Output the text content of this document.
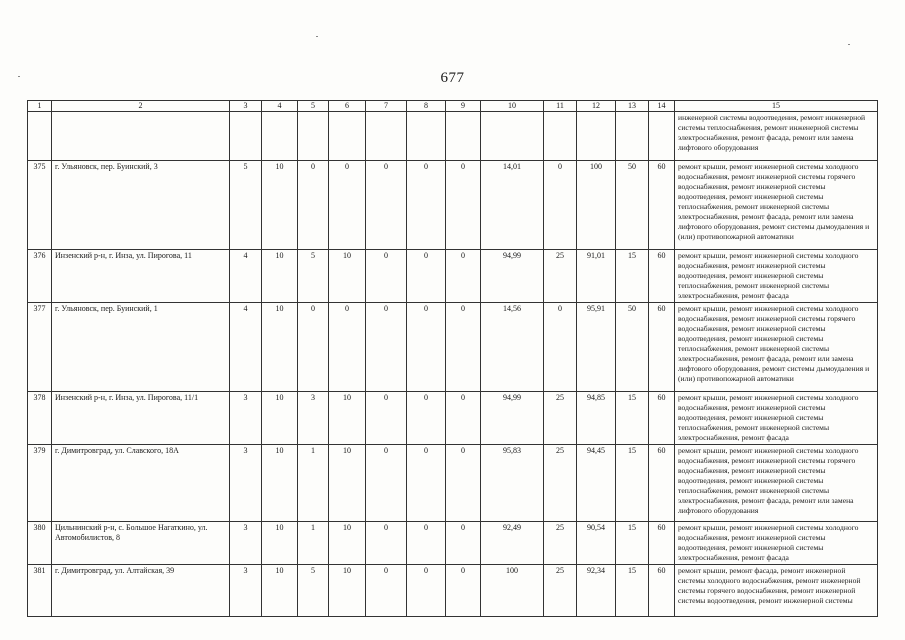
677
1	2	3	4	5	6	7	8	9	10	11	12	13	14	15
														инженерной системы водоотведения, ремонт инженерной системы теплоснабжения, ремонт инженерной системы электроснабжения, ремонт фасада, ремонт или замена лифтового оборудования
375	г. Ульяновск, пер. Буинский, 3	5	10	0	0	0	0	0	14,01	0	100	50	60	ремонт крыши, ремонт инженерной системы холодного водоснабжения, ремонт инженерной системы горячего водоснабжения, ремонт инженерной системы водоотведения, ремонт инженерной системы теплоснабжения, ремонт инженерной системы электроснабжения, ремонт фасада, ремонт или замена лифтового оборудования, ремонт системы дымоудаления и (или) противопожарной автоматики
376	Инзенский р-н, г. Инза, ул. Пирогова, 11	4	10	5	10	0	0	0	94,99	25	91,01	15	60	ремонт крыши, ремонт инженерной системы холодного водоснабжения, ремонт инженерной системы водоотведения, ремонт инженерной системы теплоснабжения, ремонт инженерной системы электроснабжения, ремонт фасада
377	г. Ульяновск, пер. Буинский, 1	4	10	0	0	0	0	0	14,56	0	95,91	50	60	ремонт крыши, ремонт инженерной системы холодного водоснабжения, ремонт инженерной системы горячего водоснабжения, ремонт инженерной системы водоотведения, ремонт инженерной системы теплоснабжения, ремонт инженерной системы электроснабжения, ремонт фасада, ремонт или замена лифтового оборудования, ремонт системы дымоудаления и (или) противопожарной автоматики
378	Инзенский р-н, г. Инза, ул. Пирогова, 11/1	3	10	3	10	0	0	0	94,99	25	94,85	15	60	ремонт крыши, ремонт инженерной системы холодного водоснабжения, ремонт инженерной системы водоотведения, ремонт инженерной системы теплоснабжения, ремонт инженерной системы электроснабжения, ремонт фасада
379	г. Димитровград, ул. Славского, 18А	3	10	1	10	0	0	0	95,83	25	94,45	15	60	ремонт крыши, ремонт инженерной системы холодного водоснабжения, ремонт инженерной системы горячего водоснабжения, ремонт инженерной системы водоотведения, ремонт инженерной системы теплоснабжения, ремонт инженерной системы электроснабжения, ремонт фасада, ремонт или замена лифтового оборудования
380	Цильнинский р-н, с. Большое Нагаткино, ул. Автомобилистов, 8	3	10	1	10	0	0	0	92,49	25	90,54	15	60	ремонт крыши, ремонт инженерной системы холодного водоснабжения, ремонт инженерной системы водоотведения, ремонт инженерной системы электроснабжения, ремонт фасада
381	г. Димитровград, ул. Алтайская, 39	3	10	5	10	0	0	0	100	25	92,34	15	60	ремонт крыши, ремонт фасада, ремонт инженерной системы холодного водоснабжения, ремонт инженерной системы горячего водоснабжения, ремонт инженерной системы водоотведения, ремонт инженерной системы
